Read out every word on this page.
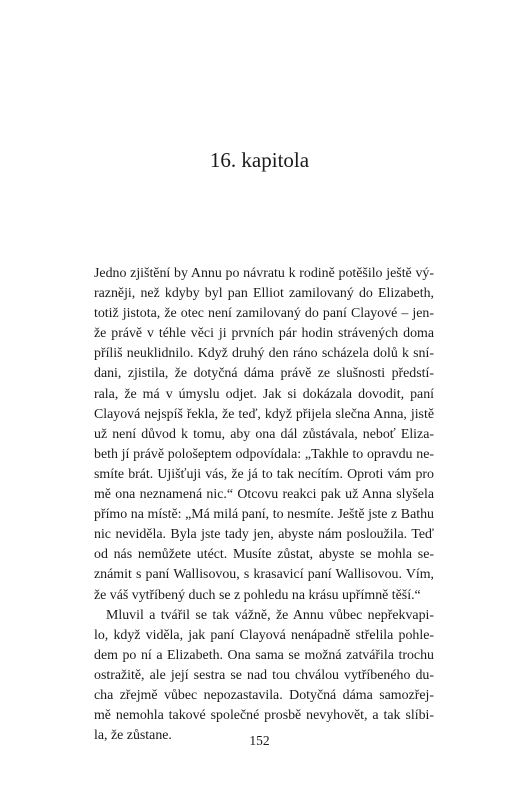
16. kapitola
Jedno zjištění by Annu po návratu k rodině potěšilo ještě vý-
razněji, než kdyby byl pan Elliot zamilovaný do Elizabeth,
totiž jistota, že otec není zamilovaný do paní Clayové – jen-
že právě v téhle věci ji prvních pár hodin strávených doma
příliš neuklidnilo. Když druhý den ráno scházela dolů k sní-
dani, zjistila, že dotyčná dáma právě ze slušnosti předstí-
rala, že má v úmyslu odjet. Jak si dokázala dovodit, paní
Clayová nejspíš řekla, že teď, když přijela slečna Anna, jistě
už není důvod k tomu, aby ona dál zůstávala, neboť Eliza-
beth jí právě pološeptem odpovídala: „Takhle to opravdu ne-
smíte brát. Ujišťuji vás, že já to tak necítím. Oproti vám pro
mě ona neznamená nic.“ Otcovu reakci pak už Anna slyšela
přímo na místě: „Má milá paní, to nesmíte. Ještě jste z Bathu
nic neviděla. Byla jste tady jen, abyste nám posloužila. Teď
od nás nemůžete utéct. Musíte zůstat, abyste se mohla se-
známit s paní Wallisovou, s krasavicí paní Wallisovou. Vím,
že váš vytříbený duch se z pohledu na krásu upřímně těší.“
Mluvil a tvářil se tak vážně, že Annu vůbec nepřekvapi-
lo, když viděla, jak paní Clayová nenápadně střelila pohle-
dem po ní a Elizabeth. Ona sama se možná zatvářila trochu
ostražitě, ale její sestra se nad tou chválou vytříbeného du-
cha zřejmě vůbec nepozastavila. Dotyčná dáma samozřej-
mě nemohla takové společné prosbě nevyhovět, a tak slíbi-
la, že zůstane.	152
